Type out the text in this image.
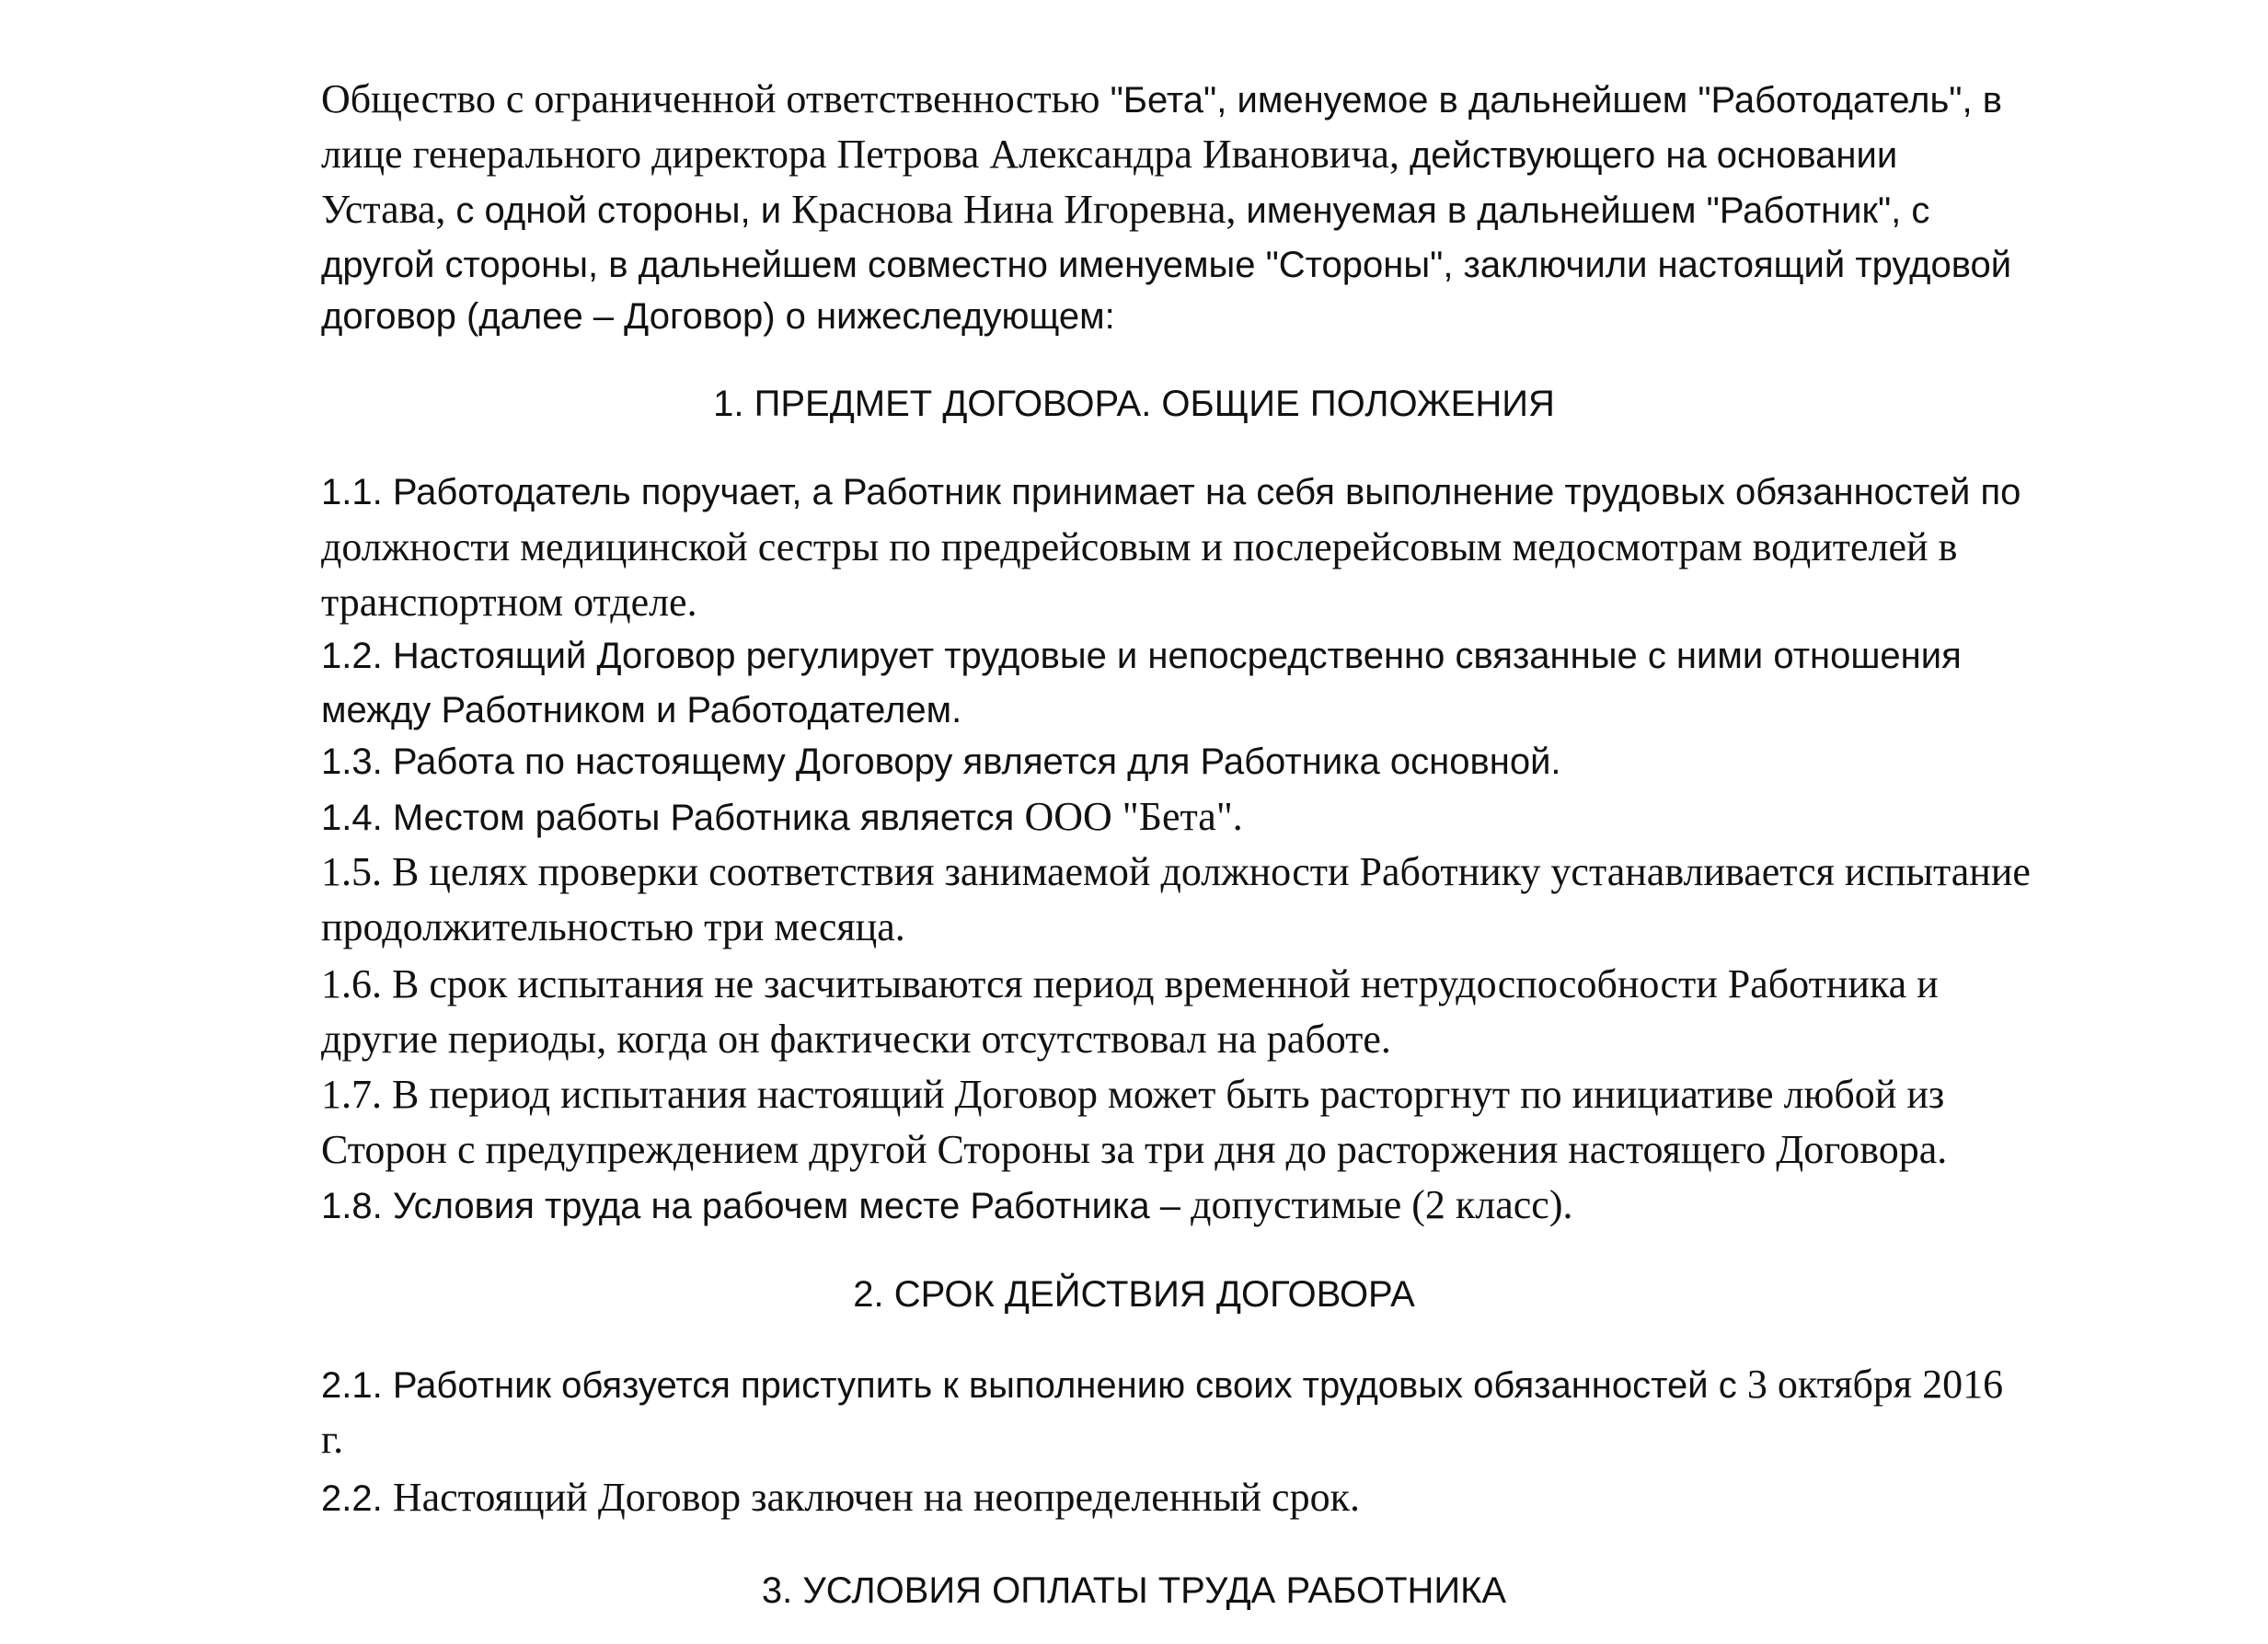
Общество с ограниченной ответственностью "Бета", именуемое в дальнейшем "Работодатель", в
лице генерального директора Петрова Александра Ивановича, действующего на основании
Устава, с одной стороны, и Краснова Нина Игоревна, именуемая в дальнейшем "Работник", с
другой стороны, в дальнейшем совместно именуемые "Стороны", заключили настоящий трудовой
договор (далее – Договор) о нижеследующем:
1. ПРЕДМЕТ ДОГОВОРА. ОБЩИЕ ПОЛОЖЕНИЯ
1.1. Работодатель поручает, а Работник принимает на себя выполнение трудовых обязанностей по
должности медицинской сестры по предрейсовым и послерейсовым медосмотрам водителей в
транспортном отделе.
1.2. Настоящий Договор регулирует трудовые и непосредственно связанные с ними отношения
между Работником и Работодателем.
1.3. Работа по настоящему Договору является для Работника основной.
1.4. Местом работы Работника является ООО "Бета".
1.5. В целях проверки соответствия занимаемой должности Работнику устанавливается испытание
продолжительностью три месяца.
1.6. В срок испытания не засчитываются период временной нетрудоспособности Работника и
другие периоды, когда он фактически отсутствовал на работе.
1.7. В период испытания настоящий Договор может быть расторгнут по инициативе любой из
Сторон с предупреждением другой Стороны за три дня до расторжения настоящего Договора.
1.8. Условия труда на рабочем месте Работника – допустимые (2 класс).
2. СРОК ДЕЙСТВИЯ ДОГОВОРА
2.1. Работник обязуется приступить к выполнению своих трудовых обязанностей с 3 октября 2016
г.
2.2. Настоящий Договор заключен на неопределенный срок.
3. УСЛОВИЯ ОПЛАТЫ ТРУДА РАБОТНИКА
